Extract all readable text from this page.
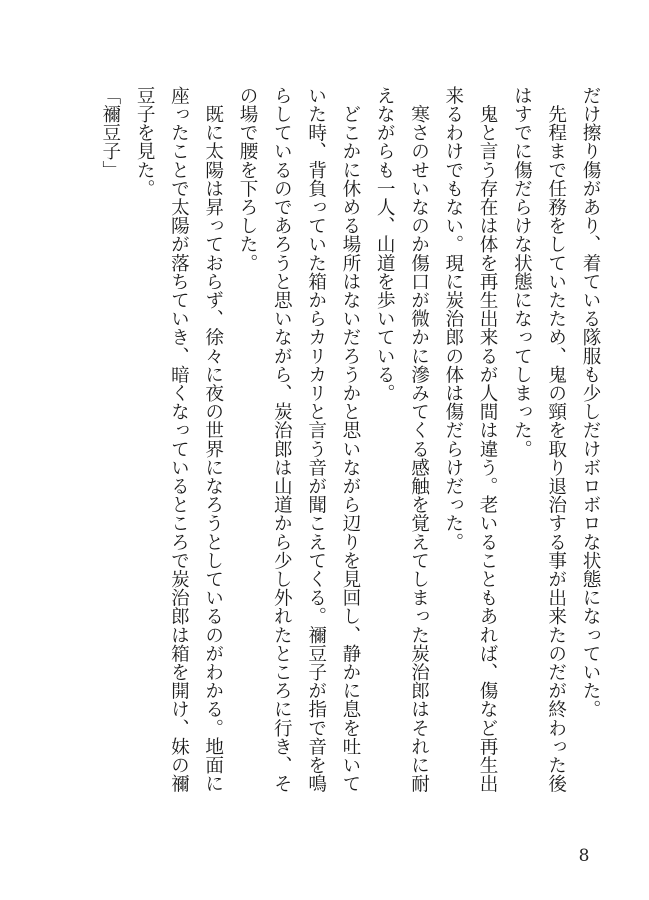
だけ擦り傷があり、着ている隊服も少しだけボロボロな状態になっていた。
　先程まで任務をしていたため、鬼の頸を取り退治する事が出来たのだが終わった後
はすでに傷だらけな状態になってしまった。
　鬼と言う存在は体を再生出来るが人間は違う。老いることもあれば、傷など再生出
来るわけでもない。現に炭治郎の体は傷だらけだった。
　寒さのせいなのか傷口が微かに滲みてくる感触を覚えてしまった炭治郎はそれに耐
えながらも一人、山道を歩いている。
　どこかに休める場所はないだろうかと思いながら辺りを見回し、静かに息を吐いて
いた時、背負っていた箱からカリカリと言う音が聞こえてくる。禰豆子が指で音を鳴
らしているのであろうと思いながら、炭治郎は山道から少し外れたところに行き、そ
の場で腰を下ろした。
　既に太陽は昇っておらず、徐々に夜の世界になろうとしているのがわかる。地面に
座ったことで太陽が落ちていき、暗くなっているところで炭治郎は箱を開け、妹の禰
豆子を見た。
「禰豆子」
8
